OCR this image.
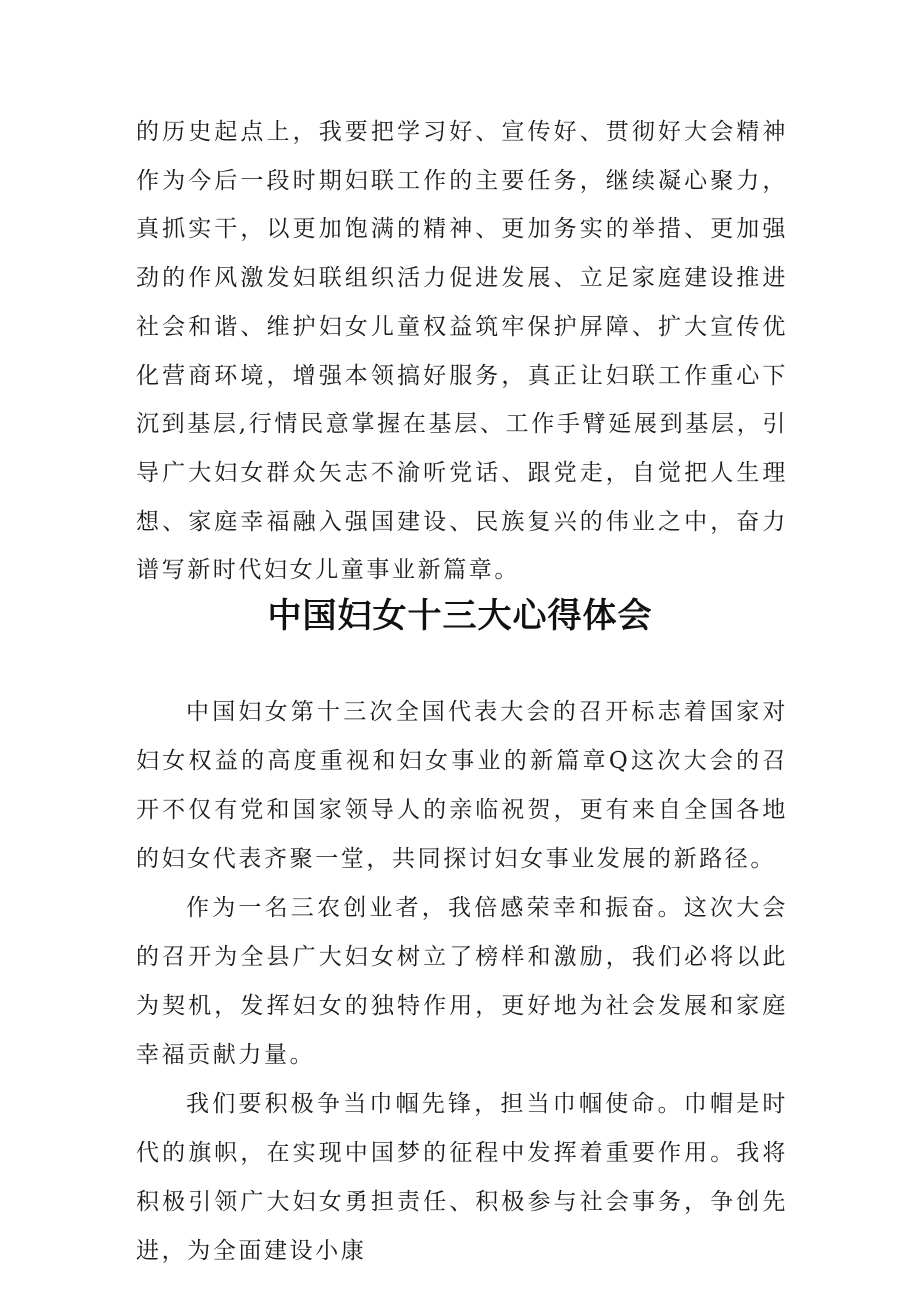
的历史起点上，我要把学习好、宣传好、贯彻好大会精神作为今后一段时期妇联工作的主要任务，继续凝心聚力，真抓实干，以更加饱满的精神、更加务实的举措、更加强劲的作风激发妇联组织活力促进发展、立足家庭建设推进社会和谐、维护妇女儿童权益筑牢保护屏障、扩大宣传优化营商环境，增强本领搞好服务，真正让妇联工作重心下沉到基层,行情民意掌握在基层、工作手臂延展到基层，引导广大妇女群众矢志不渝听党话、跟党走，自觉把人生理想、家庭幸福融入强国建设、民族复兴的伟业之中，奋力谱写新时代妇女儿童事业新篇章。

中国妇女十三大心得体会

中国妇女第十三次全国代表大会的召开标志着国家对妇女权益的高度重视和妇女事业的新篇章Q这次大会的召开不仅有党和国家领导人的亲临祝贺，更有来自全国各地的妇女代表齐聚一堂，共同探讨妇女事业发展的新路径。

作为一名三农创业者，我倍感荣幸和振奋。这次大会的召开为全县广大妇女树立了榜样和激励，我们必将以此为契机，发挥妇女的独特作用，更好地为社会发展和家庭幸福贡献力量。

我们要积极争当巾帼先锋，担当巾帼使命。巾帽是时代的旗帜，在实现中国梦的征程中发挥着重要作用。我将积极引领广大妇女勇担责任、积极参与社会事务，争创先进，为全面建设小康
